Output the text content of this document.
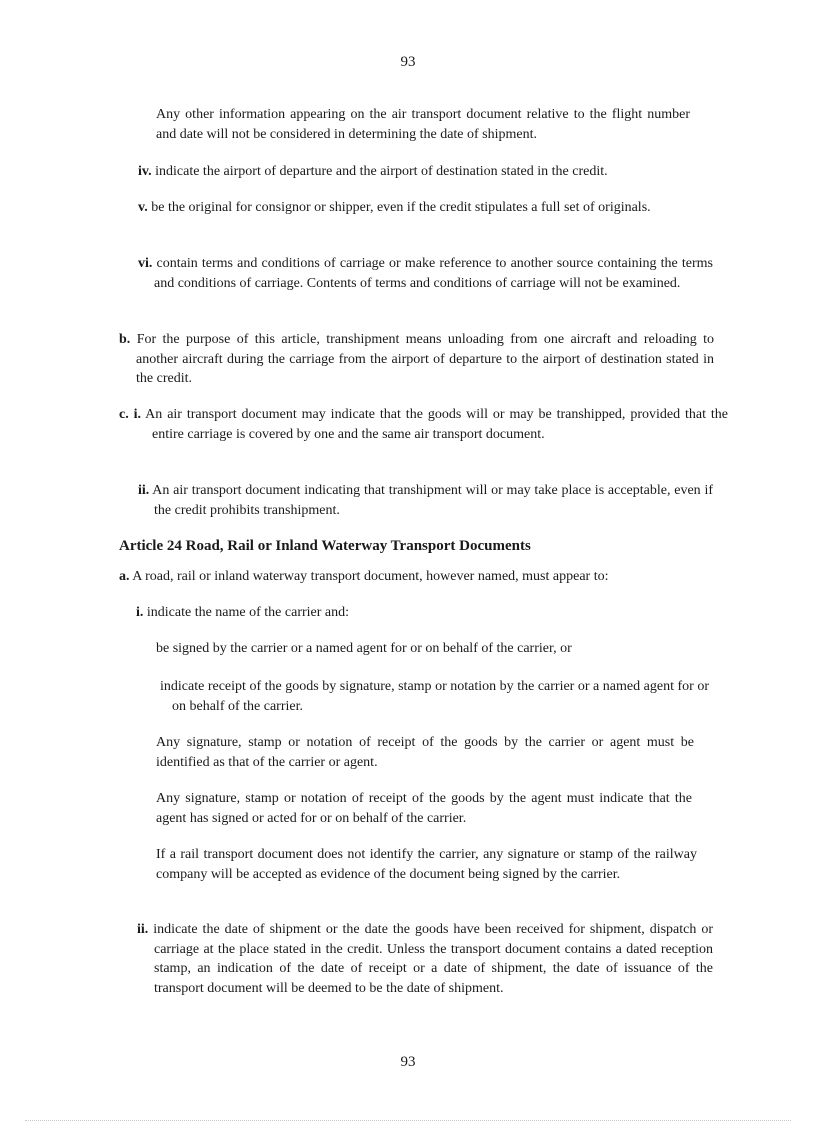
93

Any other information appearing on the air transport document relative to the flight number and date will not be considered in determining the date of shipment.

iv. indicate the airport of departure and the airport of destination stated in the credit.
v. be the original for consignor or shipper, even if the credit stipulates a full set of originals.
vi. contain terms and conditions of carriage or make reference to another source containing the terms and conditions of carriage. Contents of terms and conditions of carriage will not be examined.
b. For the purpose of this article, transhipment means unloading from one aircraft and reloading to another aircraft during the carriage from the airport of departure to the airport of destination stated in the credit.
c. i. An air transport document may indicate that the goods will or may be transhipped, provided that the entire carriage is covered by one and the same air transport document.
ii. An air transport document indicating that transhipment will or may take place is acceptable, even if the credit prohibits transhipment.
Article 24 Road, Rail or Inland Waterway Transport Documents
a. A road, rail or inland waterway transport document, however named, must appear to:
i. indicate the name of the carrier and:

be signed by the carrier or a named agent for or on behalf of the carrier, or

indicate receipt of the goods by signature, stamp or notation by the carrier or a named agent for or on behalf of the carrier.

Any signature, stamp or notation of receipt of the goods by the carrier or agent must be identified as that of the carrier or agent.

Any signature, stamp or notation of receipt of the goods by the agent must indicate that the agent has signed or acted for or on behalf of the carrier.

If a rail transport document does not identify the carrier, any signature or stamp of the railway company will be accepted as evidence of the document being signed by the carrier.

ii. indicate the date of shipment or the date the goods have been received for shipment, dispatch or carriage at the place stated in the credit. Unless the transport document contains a dated reception stamp, an indication of the date of receipt or a date of shipment, the date of issuance of the transport document will be deemed to be the date of shipment.
93
